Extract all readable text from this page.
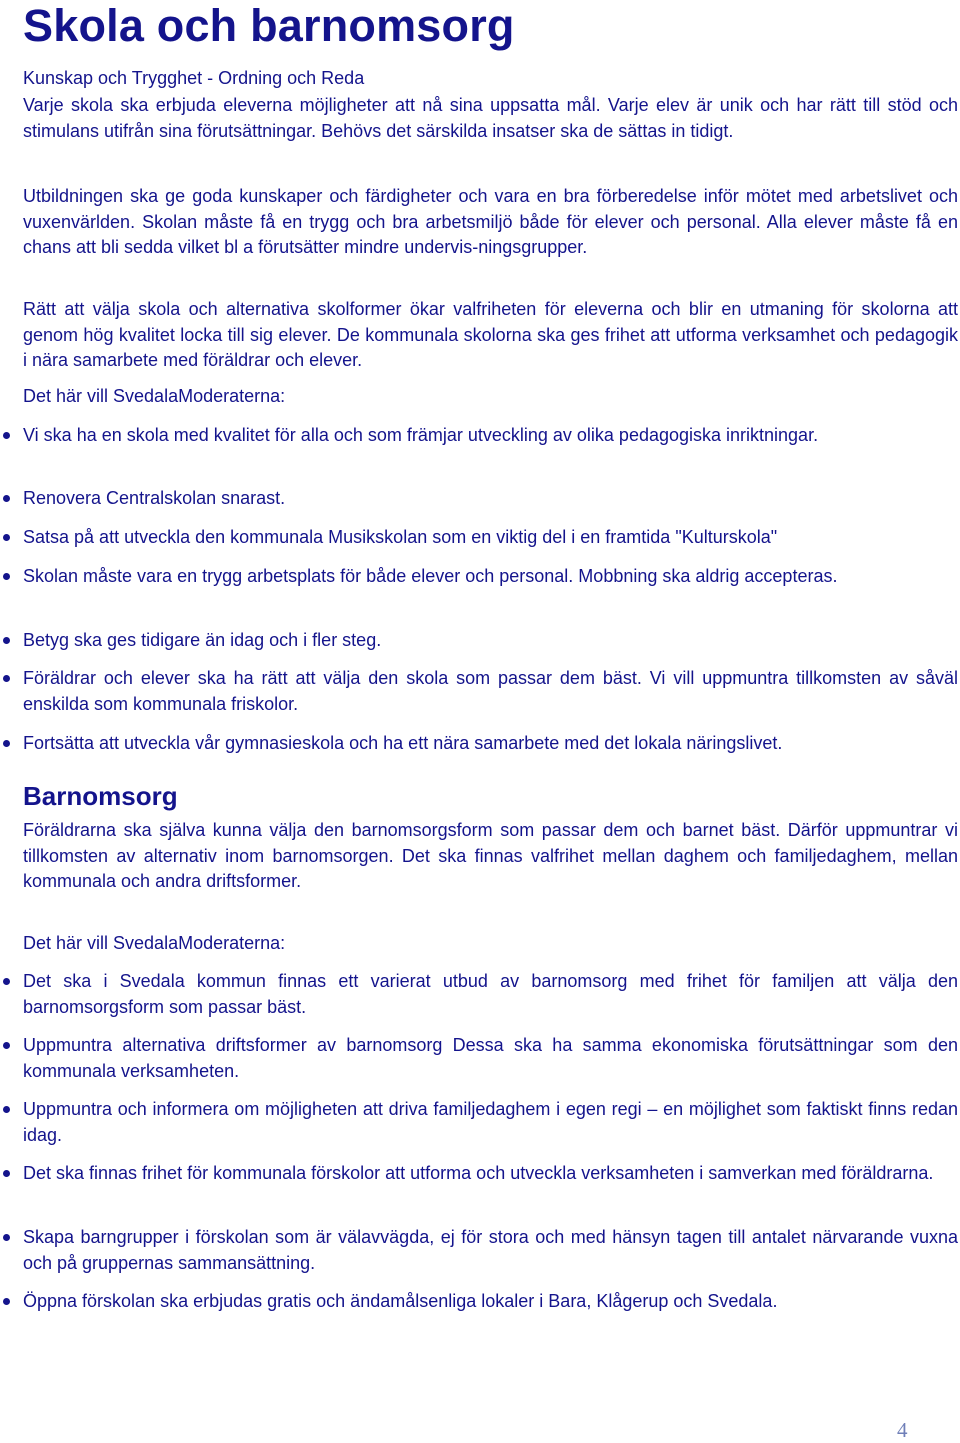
Skola och barnomsorg
Kunskap och Trygghet - Ordning och Reda
Varje skola ska erbjuda eleverna möjligheter att nå sina uppsatta mål. Varje elev är unik och har rätt till stöd och stimulans utifrån sina förutsättningar. Behövs det särskilda insatser ska de sättas in tidigt.
Utbildningen ska ge goda kunskaper och färdigheter och vara en bra förberedelse inför mötet med arbetslivet och vuxenvärlden. Skolan måste få en trygg och bra arbetsmiljö både för elever och personal. Alla elever måste få en chans att bli sedda vilket bl a förutsätter mindre undervis-ningsgrupper.
Rätt att välja skola och alternativa skolformer ökar valfriheten för eleverna och blir en utmaning för skolorna att genom hög kvalitet locka till sig elever. De kommunala skolorna ska ges frihet att utforma verksamhet och pedagogik i nära samarbete med föräldrar och elever.
Det här vill SvedalaModeraterna:
Vi ska ha en skola med kvalitet för alla och som främjar utveckling av olika pedagogiska inriktningar.
Renovera Centralskolan snarast.
Satsa på att utveckla den kommunala Musikskolan som en viktig del i en framtida "Kulturskola"
Skolan måste vara en trygg arbetsplats för både elever och personal. Mobbning ska aldrig accepteras.
Betyg ska ges tidigare än idag och i fler steg.
Föräldrar och elever ska ha rätt att välja den skola som passar dem bäst. Vi vill uppmuntra tillkomsten av såväl enskilda som kommunala friskolor.
Fortsätta att utveckla vår gymnasieskola och ha ett nära samarbete med det lokala näringslivet.
Barnomsorg
Föräldrarna ska själva kunna välja den barnomsorgsform som passar dem och barnet bäst. Därför uppmuntrar vi tillkomsten av alternativ inom barnomsorgen. Det ska finnas valfrihet mellan daghem och familjedaghem, mellan kommunala och andra driftsformer.
Det här vill SvedalaModeraterna:
Det ska i Svedala kommun finnas ett varierat utbud av barnomsorg med frihet för familjen att välja den barnomsorgsform som passar bäst.
Uppmuntra alternativa driftsformer av barnomsorg Dessa ska ha samma ekonomiska förutsättningar som den kommunala verksamheten.
Uppmuntra och informera om möjligheten att driva familjedaghem i egen regi – en möjlighet som faktiskt finns redan idag.
Det ska finnas frihet för kommunala förskolor att utforma och utveckla verksamheten i samverkan med föräldrarna.
Skapa barngrupper i förskolan som är välavvägda, ej för stora och med hänsyn tagen till antalet närvarande vuxna och på gruppernas sammansättning.
Öppna förskolan ska erbjudas gratis och ändamålsenliga lokaler i Bara, Klågerup och Svedala.
4
